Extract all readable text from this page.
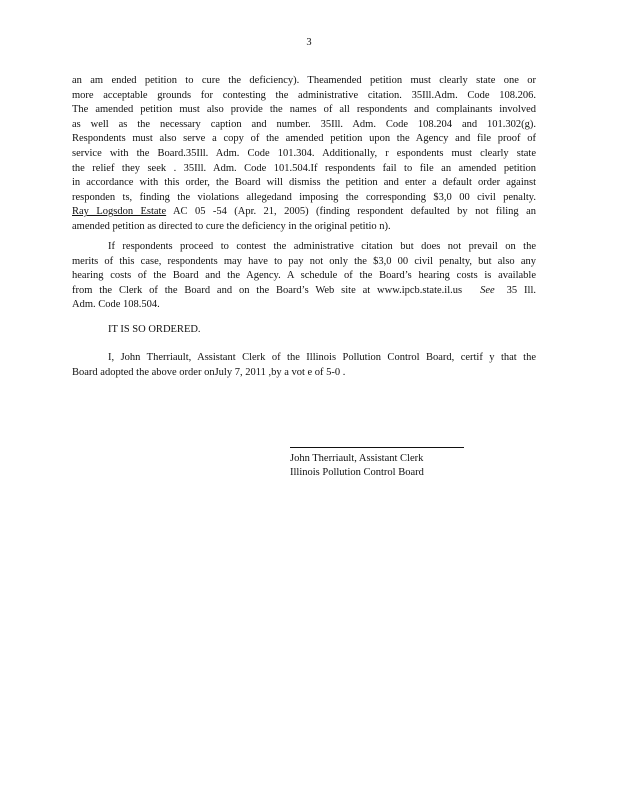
3
an am ended petition to cure the deficiency). Theamended petition must clearly state one or
more acceptable grounds for contesting the administrative citation. 35Ill.Adm. Code 108.206.
The amended petition must also provide the names of all respondents and complainants involved
as well as the necessary caption and number. 35Ill. Adm. Code 108.204 and 101.302(g).
Respondents must also serve a copy of the amended petition upon the Agency and file proof of
service with the Board.35Ill. Adm. Code 101.304. Additionally, r espondents must clearly state
the relief they seek . 35Ill. Adm. Code 101.504.If respondents fail to file an amended petition
in accordance with this order, the Board will dismiss the petition and enter a default order against
responden ts, finding the violations allegedand imposing the corresponding $3,0 00 civil penalty.
Ray Logsdon Estate AC 05 -54 (Apr. 21, 2005) (finding respondent defaulted by not filing an
amended petition as directed to cure the deficiency in the original petitio n).
If respondents proceed to contest the administrative citation but does not prevail on the
merits of this case, respondents may have to pay not only the $3,0 00 civil penalty, but also any
hearing costs of the Board and the Agency. A schedule of the Board’s hearing costs is available
from the Clerk of the Board and on the Board’s Web site at www.ipcb.state.il.us See 35 Ill.
Adm. Code 108.504.
IT IS SO ORDERED.
I, John Therriault, Assistant Clerk of the Illinois Pollution Control Board, certif y that the
Board adopted the above order onJuly 7, 2011 ,by a vot e of 5-0 .
John Therriault, Assistant Clerk
Illinois Pollution Control Board
